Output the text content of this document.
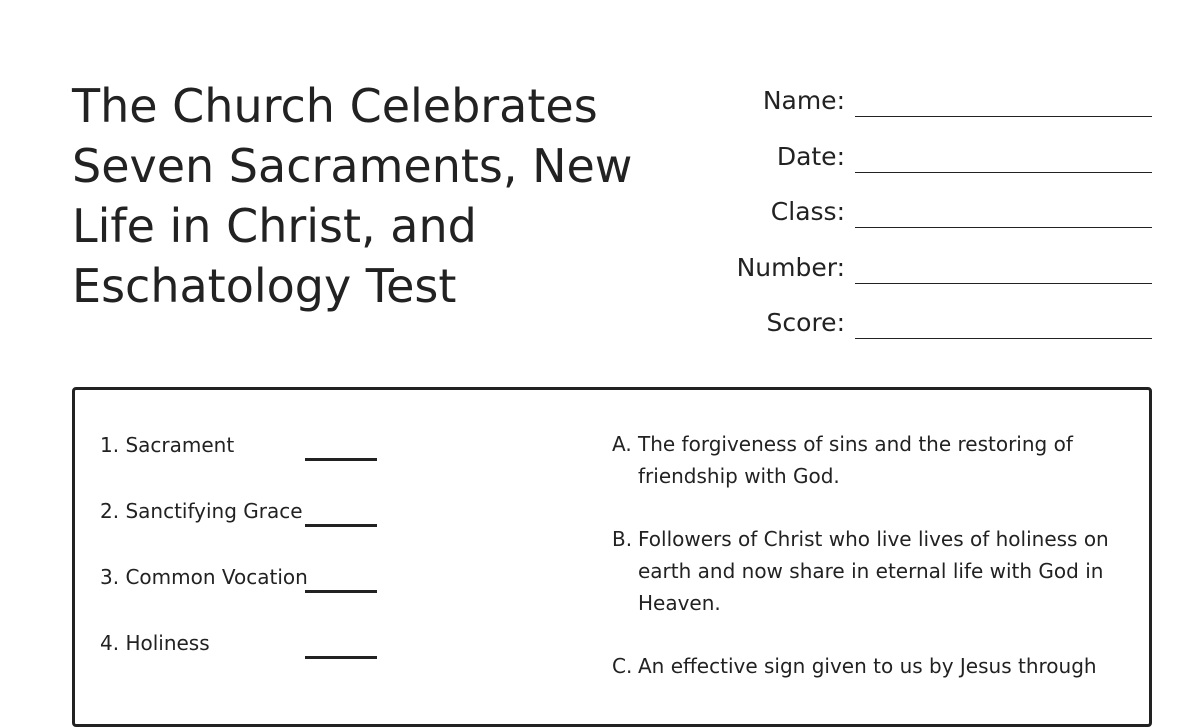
The Church Celebrates Seven Sacraments, New Life in Christ, and Eschatology Test
Name:
Date:
Class:
Number:
Score:
1. Sacrament
2. Sanctifying Grace
3. Common Vocation
4. Holiness
A. The forgiveness of sins and the restoring of friendship with God.
B. Followers of Christ who live lives of holiness on earth and now share in eternal life with God in Heaven.
C. An effective sign given to us by Jesus through
